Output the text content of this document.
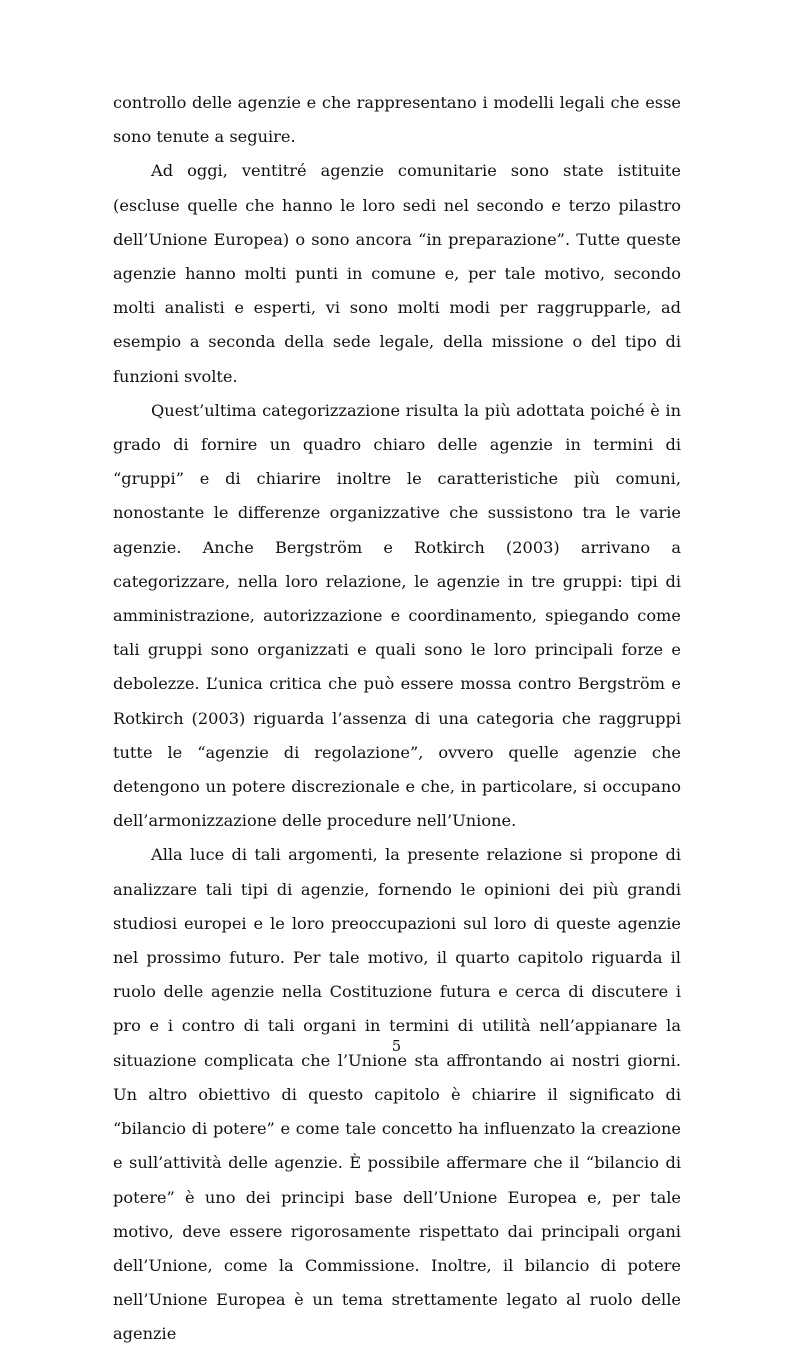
controllo delle agenzie e che rappresentano i modelli legali che esse sono tenute a seguire.

Ad oggi, ventitré agenzie comunitarie sono state istituite (escluse quelle che hanno le loro sedi nel secondo e terzo pilastro dell’Unione Europea) o sono ancora “in preparazione”. Tutte queste agenzie hanno molti punti in comune e, per tale motivo, secondo molti analisti e esperti, vi sono molti modi per raggrupparle, ad esempio a seconda della sede legale, della missione o del tipo di funzioni svolte.

Quest’ultima categorizzazione risulta la più adottata poiché è in grado di fornire un quadro chiaro delle agenzie in termini di “gruppi” e di chiarire inoltre le caratteristiche più comuni, nonostante le differenze organizzative che sussistono tra le varie agenzie. Anche Bergström e Rotkirch (2003) arrivano a categorizzare, nella loro relazione, le agenzie in tre gruppi: tipi di amministrazione, autorizzazione e coordinamento, spiegando come tali gruppi sono organizzati e quali sono le loro principali forze e debolezze. L’unica critica che può essere mossa contro Bergström e Rotkirch (2003) riguarda l’assenza di una categoria che raggruppi tutte le “agenzie di regolazione”, ovvero quelle agenzie che detengono un potere discrezionale e che, in particolare, si occupano dell’armonizzazione delle procedure nell’Unione.

Alla luce di tali argomenti, la presente relazione si propone di analizzare tali tipi di agenzie, fornendo le opinioni dei più grandi studiosi europei e le loro preoccupazioni sul loro di queste agenzie nel prossimo futuro. Per tale motivo, il quarto capitolo riguarda il ruolo delle agenzie nella Costituzione futura e cerca di discutere i pro e i contro di tali organi in termini di utilità nell’appianare la situazione complicata che l’Unione sta affrontando ai nostri giorni. Un altro obiettivo di questo capitolo è chiarire il significato di “bilancio di potere” e come tale concetto ha influenzato la creazione e sull’attività delle agenzie. È possibile affermare che il “bilancio di potere” è uno dei principi base dell’Unione Europea e, per tale motivo, deve essere rigorosamente rispettato dai principali organi dell’Unione, come la Commissione. Inoltre, il bilancio di potere nell’Unione Europea è un tema strettamente legato al ruolo delle agenzie

5
